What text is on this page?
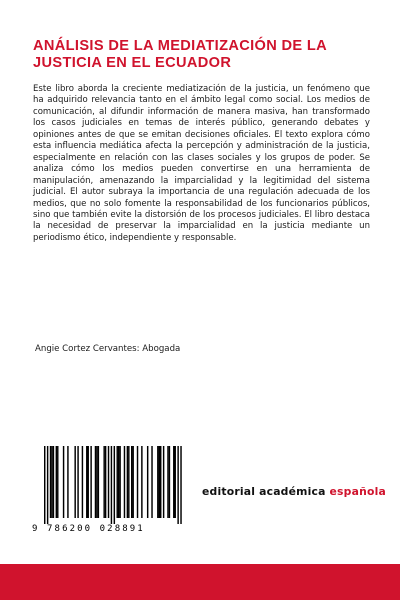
ANÁLISIS DE LA MEDIATIZACIÓN DE LA
JUSTICIA EN EL ECUADOR

Este libro aborda la creciente mediatización de la justicia, un fenómeno que ha adquirido relevancia tanto en el ámbito legal como social. Los medios de comunicación, al difundir información de manera masiva, han transformado los casos judiciales en temas de interés público, generando debates y opiniones antes de que se emitan decisiones oficiales. El texto explora cómo esta influencia mediática afecta la percepción y administración de la justicia, especialmente en relación con las clases sociales y los grupos de poder. Se analiza cómo los medios pueden convertirse en una herramienta de manipulación, amenazando la imparcialidad y la legitimidad del sistema judicial. El autor subraya la importancia de una regulación adecuada de los medios, que no solo fomente la responsabilidad de los funcionarios públicos, sino que también evite la distorsión de los procesos judiciales. El libro destaca la necesidad de preservar la imparcialidad en la justicia mediante un periodismo ético, independiente y responsable.

Angie Cortez Cervantes: Abogada
9 786200 028891
editorial académica española
